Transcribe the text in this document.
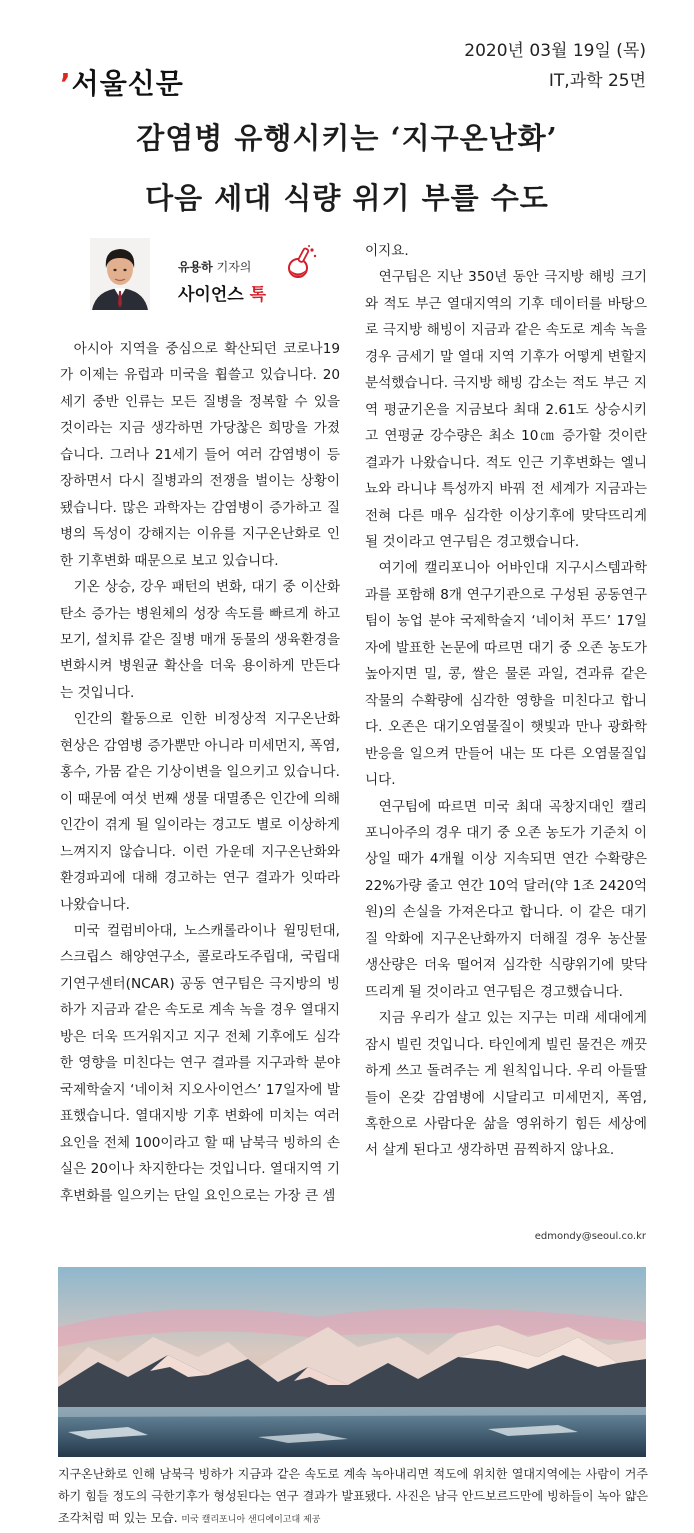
’서울신문
2020년 03월 19일 (목)
IT,과학 25면
감염병 유행시키는 ‘지구온난화’
다음 세대 식량 위기 부를 수도
유용하 기자의
사이언스 톡

아시아 지역을 중심으로 확산되던 코로나19가 이제는 유럽과 미국을 휩쓸고 있습니다. 20세기 중반 인류는 모든 질병을 정복할 수 있을 것이라는 지금 생각하면 가당찮은 희망을 가졌습니다. 그러나 21세기 들어 여러 감염병이 등장하면서 다시 질병과의 전쟁을 벌이는 상황이 됐습니다. 많은 과학자는 감염병이 증가하고 질병의 독성이 강해지는 이유를 지구온난화로 인한 기후변화 때문으로 보고 있습니다.

기온 상승, 강우 패턴의 변화, 대기 중 이산화탄소 증가는 병원체의 성장 속도를 빠르게 하고 모기, 설치류 같은 질병 매개 동물의 생육환경을 변화시켜 병원균 확산을 더욱 용이하게 만든다는 것입니다.

인간의 활동으로 인한 비정상적 지구온난화 현상은 감염병 증가뿐만 아니라 미세먼지, 폭염, 홍수, 가뭄 같은 기상이변을 일으키고 있습니다. 이 때문에 여섯 번째 생물 대멸종은 인간에 의해 인간이 겪게 될 일이라는 경고도 별로 이상하게 느껴지지 않습니다. 이런 가운데 지구온난화와 환경파괴에 대해 경고하는 연구 결과가 잇따라 나왔습니다.

미국 컬럼비아대, 노스캐롤라이나 윌밍턴대, 스크립스 해양연구소, 콜로라도주립대, 국립대기연구센터(NCAR) 공동 연구팀은 극지방의 빙하가 지금과 같은 속도로 계속 녹을 경우 열대지방은 더욱 뜨거워지고 지구 전체 기후에도 심각한 영향을 미친다는 연구 결과를 지구과학 분야 국제학술지 ‘네이처 지오사이언스’ 17일자에 발표했습니다. 열대지방 기후 변화에 미치는 여러 요인을 전체 100이라고 할 때 남북극 빙하의 손실은 20이나 차지한다는 것입니다. 열대지역 기후변화를 일으키는 단일 요인으로는 가장 큰 셈

이지요.

연구팀은 지난 350년 동안 극지방 해빙 크기와 적도 부근 열대지역의 기후 데이터를 바탕으로 극지방 해빙이 지금과 같은 속도로 계속 녹을 경우 금세기 말 열대 지역 기후가 어떻게 변할지 분석했습니다. 극지방 해빙 감소는 적도 부근 지역 평균기온을 지금보다 최대 2.61도 상승시키고 연평균 강수량은 최소 10㎝ 증가할 것이란 결과가 나왔습니다. 적도 인근 기후변화는 엘니뇨와 라니냐 특성까지 바꿔 전 세계가 지금과는 전혀 다른 매우 심각한 이상기후에 맞닥뜨리게 될 것이라고 연구팀은 경고했습니다.

여기에 캘리포니아 어바인대 지구시스템과학과를 포함해 8개 연구기관으로 구성된 공동연구팀이 농업 분야 국제학술지 ‘네이처 푸드’ 17일자에 발표한 논문에 따르면 대기 중 오존 농도가 높아지면 밀, 콩, 쌀은 물론 과일, 견과류 같은 작물의 수확량에 심각한 영향을 미친다고 합니다. 오존은 대기오염물질이 햇빛과 만나 광화학반응을 일으켜 만들어 내는 또 다른 오염물질입니다.

연구팀에 따르면 미국 최대 곡창지대인 캘리포니아주의 경우 대기 중 오존 농도가 기준치 이상일 때가 4개월 이상 지속되면 연간 수확량은 22%가량 줄고 연간 10억 달러(약 1조 2420억원)의 손실을 가져온다고 합니다. 이 같은 대기질 악화에 지구온난화까지 더해질 경우 농산물 생산량은 더욱 떨어져 심각한 식량위기에 맞닥뜨리게 될 것이라고 연구팀은 경고했습니다.

지금 우리가 살고 있는 지구는 미래 세대에게 잠시 빌린 것입니다. 타인에게 빌린 물건은 깨끗하게 쓰고 돌려주는 게 원칙입니다. 우리 아들딸들이 온갖 감염병에 시달리고 미세먼지, 폭염, 혹한으로 사람다운 삶을 영위하기 힘든 세상에서 살게 된다고 생각하면 끔찍하지 않나요.

edmondy@seoul.co.kr
지구온난화로 인해 남북극 빙하가 지금과 같은 속도로 계속 녹아내리면 적도에 위치한 열대지역에는 사람이 거주하기 힘들 정도의 극한기후가 형성된다는 연구 결과가 발표됐다. 사진은 남극 안드보르드만에 빙하들이 녹아 얇은 조각처럼 떠 있는 모습. 미국 캘리포니아 샌디에이고대 제공
